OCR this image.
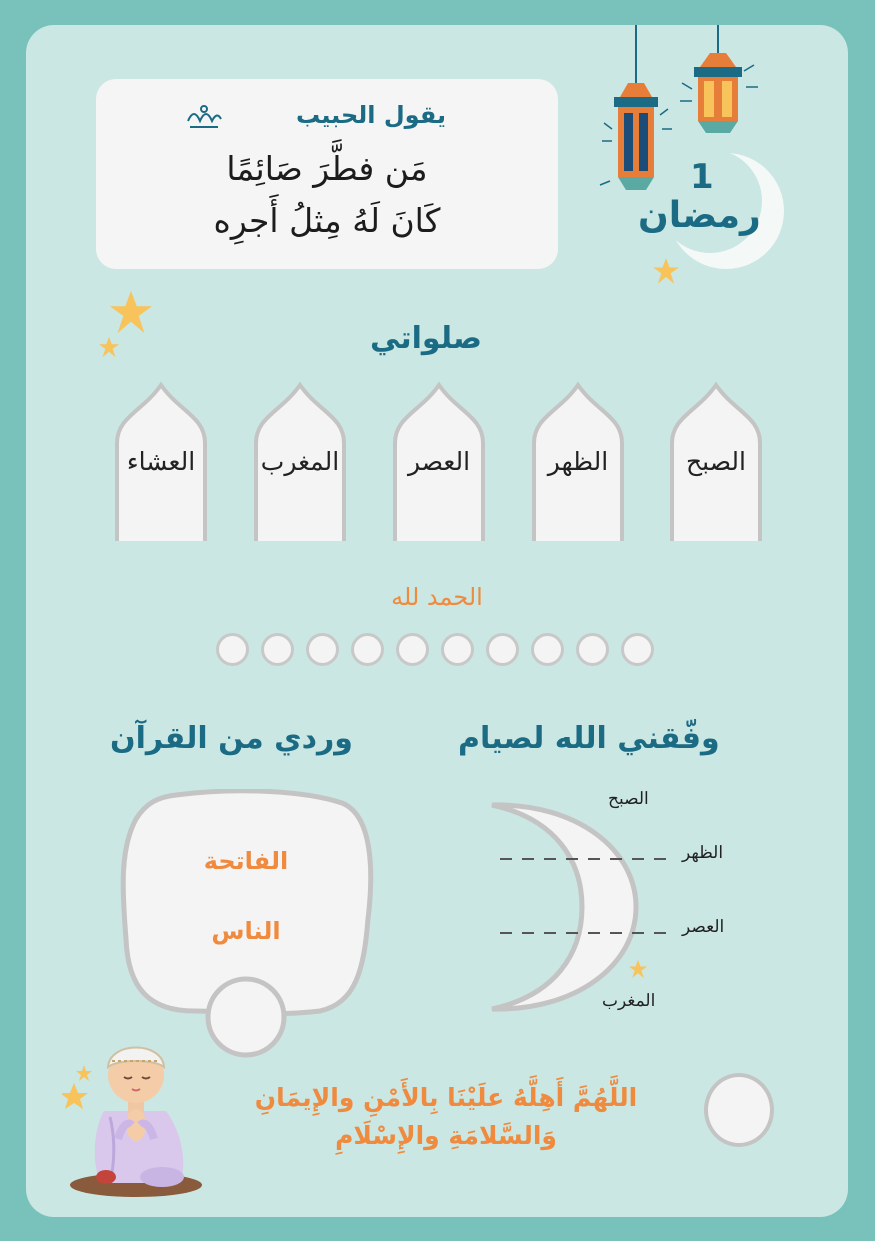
يقول الحبيب
مَن فطَّرَ صَائِمًا
كَانَ لَهُ مِثلُ أَجرِه
1
رمضان
صلواتي
الصبح
الظهر
العصر
المغرب
العشاء
الحمد لله
وفّقني الله لصيام
وردي من القرآن
الفاتحة
الناس
الصبح
الظهر
العصر
المغرب
اللَّهُمَّ أَهِلَّهُ علَيْنَا بِالأَمْنِ والإِيمَانِ
وَالسَّلامَةِ والإِسْلَامِ
